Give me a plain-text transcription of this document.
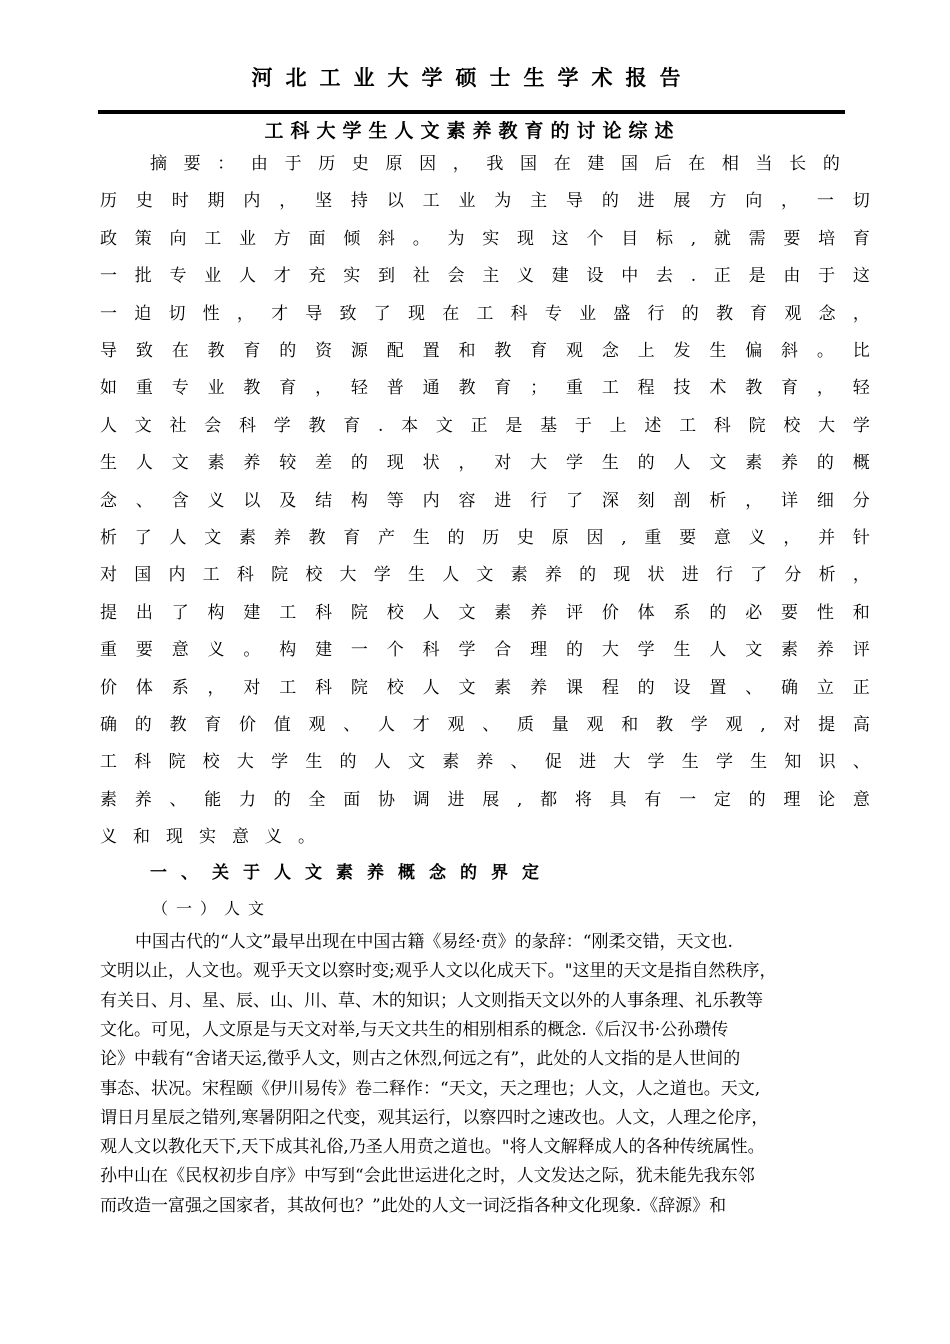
河北工业大学硕士生学术报告
工科大学生人文素养教育的讨论综述
摘 要 ： 由 于 历 史 原 因 ， 我 国 在 建 国 后 在 相 当 长 的
历 史 时 期 内 ， 坚 持 以 工 业 为 主 导 的 进 展 方 向 ， 一 切
政 策 向 工 业 方 面 倾 斜 。 为 实 现 这 个 目 标 , 就 需 要 培 育
一 批 专 业 人 才 充 实 到 社 会 主 义 建 设 中 去 . 正 是 由 于 这
一 迫 切 性 ， 才 导 致 了 现 在 工 科 专 业 盛 行 的 教 育 观 念 ，
导 致 在 教 育 的 资 源 配 置 和 教 育 观 念 上 发 生 偏 斜 。 比
如 重 专 业 教 育 ， 轻 普 通 教 育 ； 重 工 程 技 术 教 育 ， 轻
人 文 社 会 科 学 教 育 . 本 文 正 是 基 于 上 述 工 科 院 校 大 学
生 人 文 素 养 较 差 的 现 状 ， 对 大 学 生 的 人 文 素 养 的 概
念 、 含 义 以 及 结 构 等 内 容 进 行 了 深 刻 剖 析 ， 详 细 分
析 了 人 文 素 养 教 育 产 生 的 历 史 原 因 , 重 要 意 义 ， 并 针
对 国 内 工 科 院 校 大 学 生 人 文 素 养 的 现 状 进 行 了 分 析 ，
提 出 了 构 建 工 科 院 校 人 文 素 养 评 价 体 系 的 必 要 性 和
重 要 意 义 。 构 建 一 个 科 学 合 理 的 大 学 生 人 文 素 养 评
价 体 系 ， 对 工 科 院 校 人 文 素 养 课 程 的 设 置 、 确 立 正
确 的 教 育 价 值 观 、 人 才 观 、 质 量 观 和 教 学 观 , 对 提 高
工 科 院 校 大 学 生 的 人 文 素 养 、 促 进 大 学 生 学 生 知 识 、
素 养 、 能 力 的 全 面 协 调 进 展 , 都 将 具 有 一 定 的 理 论 意
义 和 现 实 意 义 。
一、关于人文素养概念的界定
（一）人文
中国古代的“人文”最早出现在中国古籍《易经·贲》的彖辞：“刚柔交错，天文也.
文明以止，人文也。观乎天文以察时变;观乎人文以化成天下。"这里的天文是指自然秩序，
有关日、月、星、辰、山、川、草、木的知识；人文则指天文以外的人事条理、礼乐教等
文化。可见，人文原是与天文对举,与天文共生的相别相系的概念.《后汉书·公孙瓒传
论》中载有“舍诸天运,徵乎人文，则古之休烈,何远之有”，此处的人文指的是人世间的
事态、状况。宋程颐《伊川易传》卷二释作：“天文，天之理也；人文，人之道也。天文,
谓日月星辰之错列,寒暑阴阳之代变，观其运行，以察四时之速改也。人文，人理之伦序，
观人文以教化天下,天下成其礼俗,乃圣人用贲之道也。"将人文解释成人的各种传统属性。
孙中山在《民权初步自序》中写到“会此世运进化之时，人文发达之际，犹未能先我东邻
而改造一富强之国家者，其故何也？”此处的人文一词泛指各种文化现象.《辞源》和
